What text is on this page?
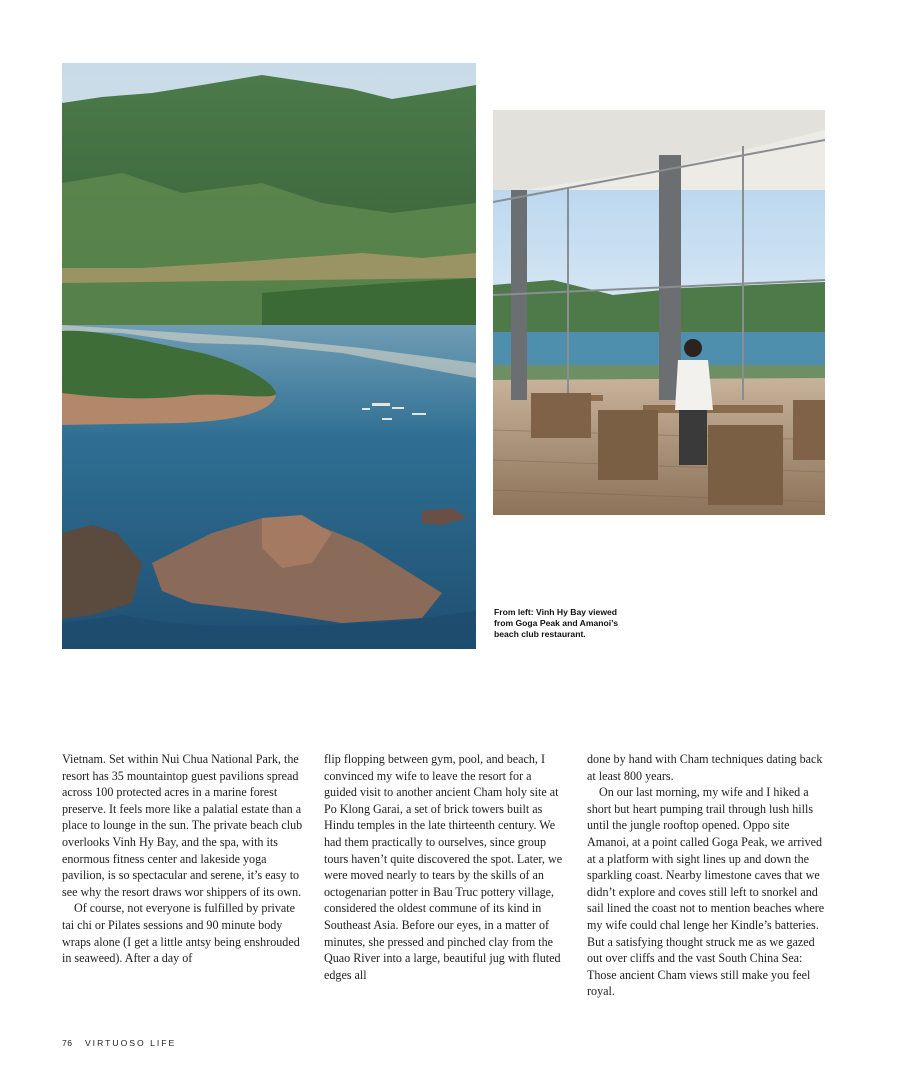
From left: Vinh Hy Bay viewed from Goga Peak and Amanoi’s beach club restaurant.

Vietnam. Set within Nui Chua National Park, the resort has 35 mountaintop guest pavilions spread across 100 protected acres in a marine forest preserve. It feels more like a palatial estate than a place to lounge in the sun. The private beach club overlooks Vinh Hy Bay, and the spa, with its enormous fitness center and lakeside yoga pavilion, is so spectacular and serene, it’s easy to see why the resort draws wor shippers of its own.

Of course, not everyone is fulfilled by private tai chi or Pilates sessions and 90 minute body wraps alone (I get a little antsy being enshrouded in seaweed). After a day of

flip flopping between gym, pool, and beach, I convinced my wife to leave the resort for a guided visit to another ancient Cham holy site at Po Klong Garai, a set of brick towers built as Hindu temples in the late thirteenth century. We had them practically to ourselves, since group tours haven’t quite discovered the spot. Later, we were moved nearly to tears by the skills of an octogenarian potter in Bau Truc pottery village, considered the oldest commune of its kind in Southeast Asia. Before our eyes, in a matter of minutes, she pressed and pinched clay from the Quao River into a large, beautiful jug with fluted edges all

done by hand with Cham techniques dating back at least 800 years.

On our last morning, my wife and I hiked a short but heart pumping trail through lush hills until the jungle rooftop opened. Oppo site Amanoi, at a point called Goga Peak, we arrived at a platform with sight lines up and down the sparkling coast. Nearby limestone caves that we didn’t explore and coves still left to snorkel and sail lined the coast not to mention beaches where my wife could chal lenge her Kindle’s batteries. But a satisfying thought struck me as we gazed out over cliffs and the vast South China Sea: Those ancient Cham views still make you feel royal.

76 VIRTUOSO LIFE
